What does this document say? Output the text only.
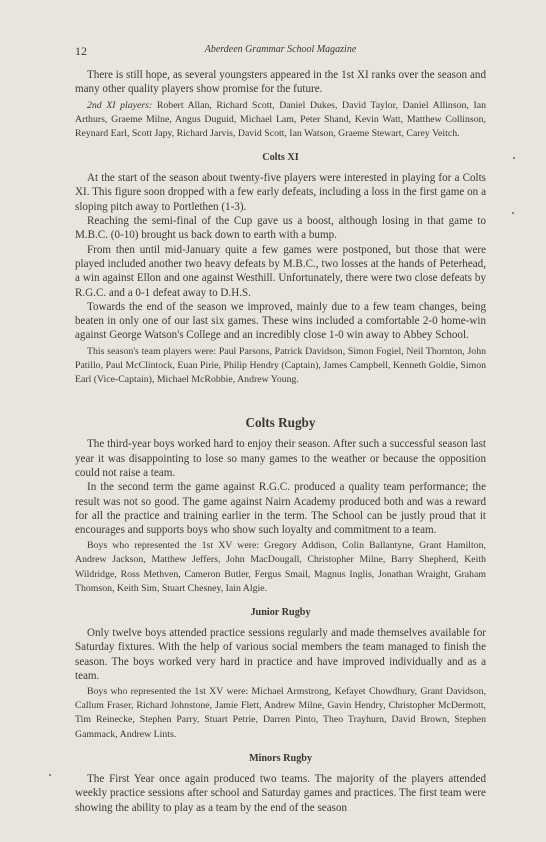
12	Aberdeen Grammar School Magazine

There is still hope, as several youngsters appeared in the 1st XI ranks over the season and many other quality players show promise for the future.

2nd XI players: Robert Allan, Richard Scott, Daniel Dukes, David Taylor, Daniel Allinson, Ian Arthurs, Graeme Milne, Angus Duguid, Michael Lam, Peter Shand, Kevin Watt, Matthew Collinson, Reynard Earl, Scott Japy, Richard Jarvis, David Scott, Ian Watson, Graeme Stewart, Carey Veitch.

Colts XI

At the start of the season about twenty-five players were interested in playing for a Colts XI. This figure soon dropped with a few early defeats, including a loss in the first game on a sloping pitch away to Portlethen (1-3).

Reaching the semi-final of the Cup gave us a boost, although losing in that game to M.B.C. (0-10) brought us back down to earth with a bump.

From then until mid-January quite a few games were postponed, but those that were played included another two heavy defeats by M.B.C., two losses at the hands of Peterhead, a win against Ellon and one against Westhill. Unfortunately, there were two close defeats by R.G.C. and a 0-1 defeat away to D.H.S.

Towards the end of the season we improved, mainly due to a few team changes, being beaten in only one of our last six games. These wins included a comfortable 2-0 home-win against George Watson's College and an incredibly close 1-0 win away to Abbey School.

This season's team players were: Paul Parsons, Patrick Davidson, Simon Fogiel, Neil Thornton, John Patillo, Paul McClintock, Euan Pirie, Philip Hendry (Captain), James Campbell, Kenneth Goldie, Simon Earl (Vice-Captain), Michael McRobbie, Andrew Young.

Colts Rugby

The third-year boys worked hard to enjoy their season. After such a successful season last year it was disappointing to lose so many games to the weather or because the opposition could not raise a team.

In the second term the game against R.G.C. produced a quality team performance; the result was not so good. The game against Nairn Academy produced both and was a reward for all the practice and training earlier in the term. The School can be justly proud that it encourages and supports boys who show such loyalty and commitment to a team.

Boys who represented the 1st XV were: Gregory Addison, Colin Ballantyne, Grant Hamilton, Andrew Jackson, Matthew Jeffers, John MacDougall, Christopher Milne, Barry Shepherd, Keith Wildridge, Ross Methven, Cameron Butler, Fergus Smail, Magnus Inglis, Jonathan Wraight, Graham Thomson, Keith Sim, Stuart Chesney, Iain Algie.

Junior Rugby

Only twelve boys attended practice sessions regularly and made themselves available for Saturday fixtures. With the help of various social members the team managed to finish the season. The boys worked very hard in practice and have improved individually and as a team.

Boys who represented the 1st XV were: Michael Armstrong, Kefayet Chowdhury, Grant Davidson, Callum Fraser, Richard Johnstone, Jamie Flett, Andrew Milne, Gavin Hendry, Christopher McDermott, Tim Reinecke, Stephen Parry, Stuart Petrie, Darren Pinto, Theo Trayhurn, David Brown, Stephen Gammack, Andrew Lints.

Minors Rugby

The First Year once again produced two teams. The majority of the players attended weekly practice sessions after school and Saturday games and practices. The first team were showing the ability to play as a team by the end of the season
